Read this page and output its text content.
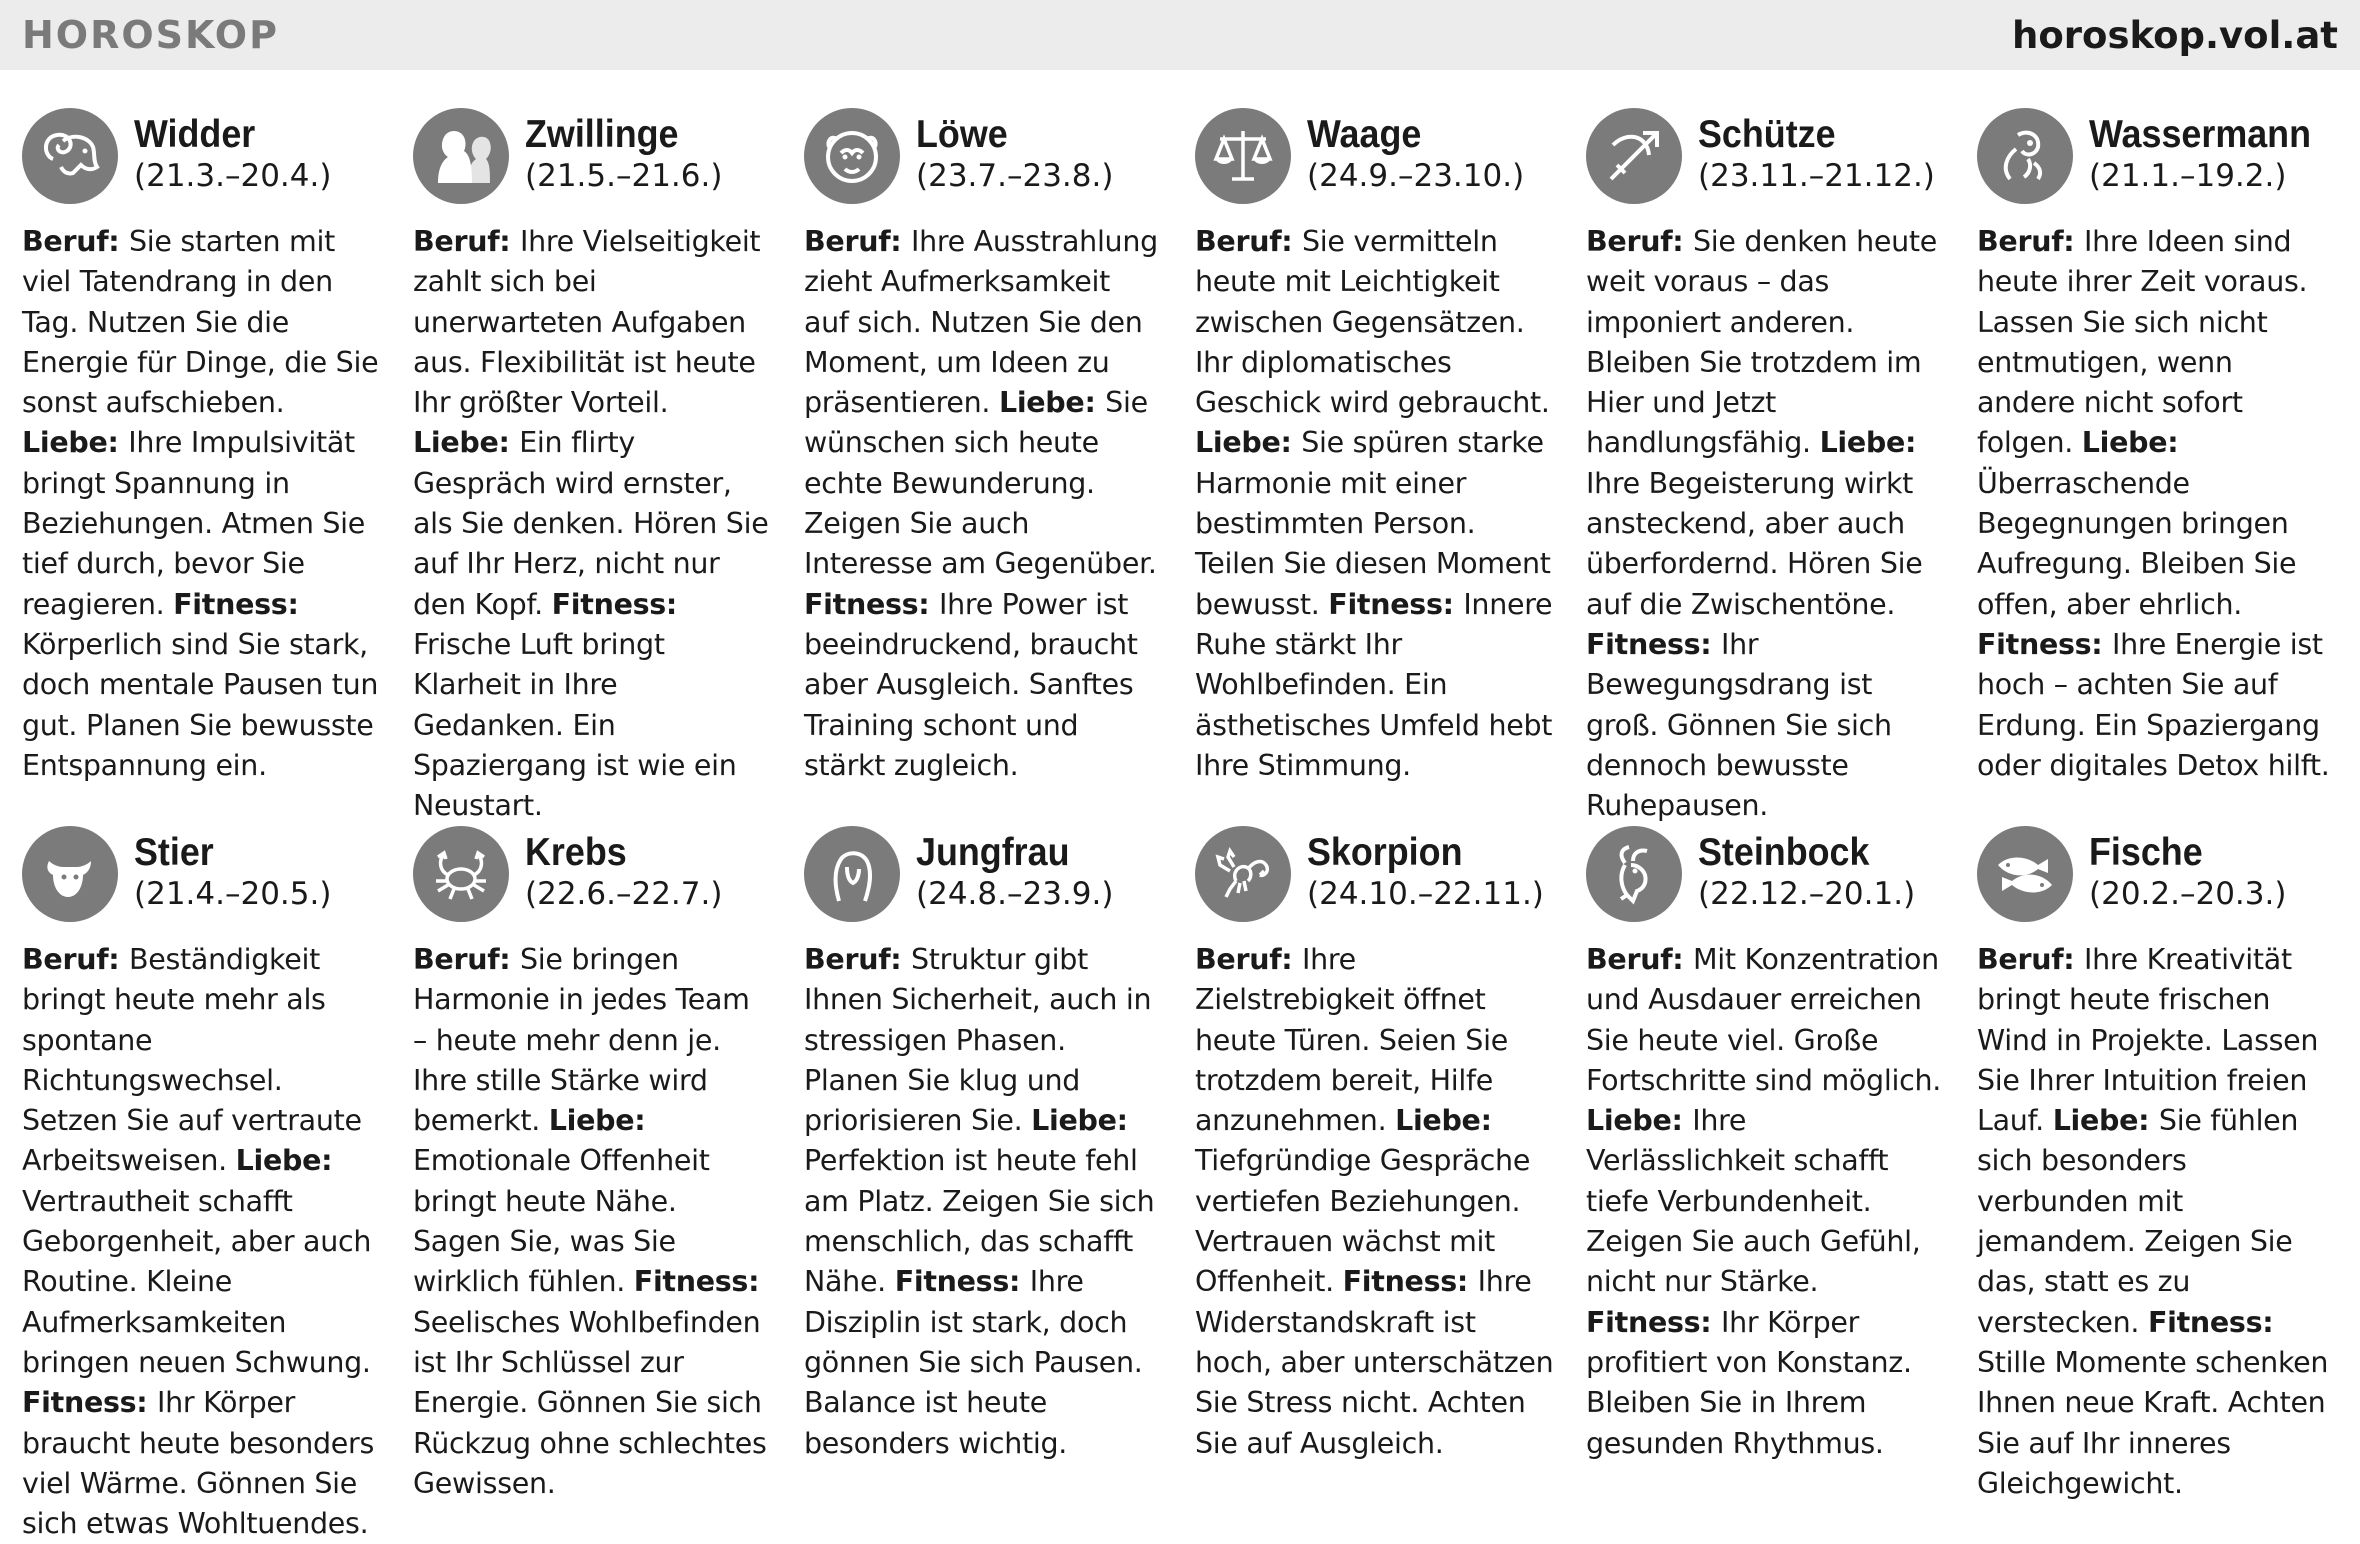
HOROSKOP	horoskop.vol.at
Widder
(21.3.–20.4.)
Beruf: Sie starten mit viel Tatendrang in den Tag. Nutzen Sie die Energie für Dinge, die Sie sonst aufschieben. Liebe: Ihre Impulsivität bringt Spannung in Beziehungen. Atmen Sie tief durch, bevor Sie reagieren. Fitness: Körperlich sind Sie stark, doch mentale Pausen tun gut. Planen Sie bewusste Entspannung ein.
Zwillinge
(21.5.–21.6.)
Beruf: Ihre Vielseitigkeit zahlt sich bei unerwarteten Aufgaben aus. Flexibilität ist heute Ihr größter Vorteil. Liebe: Ein flirty Gespräch wird ernster, als Sie denken. Hören Sie auf Ihr Herz, nicht nur den Kopf. Fitness: Frische Luft bringt Klarheit in Ihre Gedanken. Ein Spaziergang ist wie ein Neustart.
Löwe
(23.7.–23.8.)
Beruf: Ihre Ausstrahlung zieht Aufmerksamkeit auf sich. Nutzen Sie den Moment, um Ideen zu präsentieren. Liebe: Sie wünschen sich heute echte Bewunderung. Zeigen Sie auch Interesse am Gegenüber. Fitness: Ihre Power ist beeindruckend, braucht aber Ausgleich. Sanftes Training schont und stärkt zugleich.
Waage
(24.9.–23.10.)
Beruf: Sie vermitteln heute mit Leichtigkeit zwischen Gegensätzen. Ihr diplomatisches Geschick wird gebraucht. Liebe: Sie spüren starke Harmonie mit einer bestimmten Person. Teilen Sie diesen Moment bewusst. Fitness: Innere Ruhe stärkt Ihr Wohlbefinden. Ein ästhetisches Umfeld hebt Ihre Stimmung.
Schütze
(23.11.–21.12.)
Beruf: Sie denken heute weit voraus – das imponiert anderen. Bleiben Sie trotzdem im Hier und Jetzt handlungsfähig. Liebe: Ihre Begeisterung wirkt ansteckend, aber auch überfordernd. Hören Sie auf die Zwischentöne. Fitness: Ihr Bewegungsdrang ist groß. Gönnen Sie sich dennoch bewusste Ruhepausen.
Wassermann
(21.1.–19.2.)
Beruf: Ihre Ideen sind heute ihrer Zeit voraus. Lassen Sie sich nicht entmutigen, wenn andere nicht sofort folgen. Liebe: Überraschende Begegnungen bringen Aufregung. Bleiben Sie offen, aber ehrlich. Fitness: Ihre Energie ist hoch – achten Sie auf Erdung. Ein Spaziergang oder digitales Detox hilft.
Stier
(21.4.–20.5.)
Beruf: Beständigkeit bringt heute mehr als spontane Richtungswechsel. Setzen Sie auf vertraute Arbeitsweisen. Liebe: Vertrautheit schafft Geborgenheit, aber auch Routine. Kleine Aufmerksamkeiten bringen neuen Schwung. Fitness: Ihr Körper braucht heute besonders viel Wärme. Gönnen Sie sich etwas Wohltuendes.
Krebs
(22.6.–22.7.)
Beruf: Sie bringen Harmonie in jedes Team – heute mehr denn je. Ihre stille Stärke wird bemerkt. Liebe: Emotionale Offenheit bringt heute Nähe. Sagen Sie, was Sie wirklich fühlen. Fitness: Seelisches Wohlbefinden ist Ihr Schlüssel zur Energie. Gönnen Sie sich Rückzug ohne schlechtes Gewissen.
Jungfrau
(24.8.–23.9.)
Beruf: Struktur gibt Ihnen Sicherheit, auch in stressigen Phasen. Planen Sie klug und priorisieren Sie. Liebe: Perfektion ist heute fehl am Platz. Zeigen Sie sich menschlich, das schafft Nähe. Fitness: Ihre Disziplin ist stark, doch gönnen Sie sich Pausen. Balance ist heute besonders wichtig.
Skorpion
(24.10.–22.11.)
Beruf: Ihre Zielstrebigkeit öffnet heute Türen. Seien Sie trotzdem bereit, Hilfe anzunehmen. Liebe: Tiefgründige Gespräche vertiefen Beziehungen. Vertrauen wächst mit Offenheit. Fitness: Ihre Widerstandskraft ist hoch, aber unterschätzen Sie Stress nicht. Achten Sie auf Ausgleich.
Steinbock
(22.12.–20.1.)
Beruf: Mit Konzentration und Ausdauer erreichen Sie heute viel. Große Fortschritte sind möglich. Liebe: Ihre Verlässlichkeit schafft tiefe Verbundenheit. Zeigen Sie auch Gefühl, nicht nur Stärke. Fitness: Ihr Körper profitiert von Konstanz. Bleiben Sie in Ihrem gesunden Rhythmus.
Fische
(20.2.–20.3.)
Beruf: Ihre Kreativität bringt heute frischen Wind in Projekte. Lassen Sie Ihrer Intuition freien Lauf. Liebe: Sie fühlen sich besonders verbunden mit jemandem. Zeigen Sie das, statt es zu verstecken. Fitness: Stille Momente schenken Ihnen neue Kraft. Achten Sie auf Ihr inneres Gleichgewicht.
